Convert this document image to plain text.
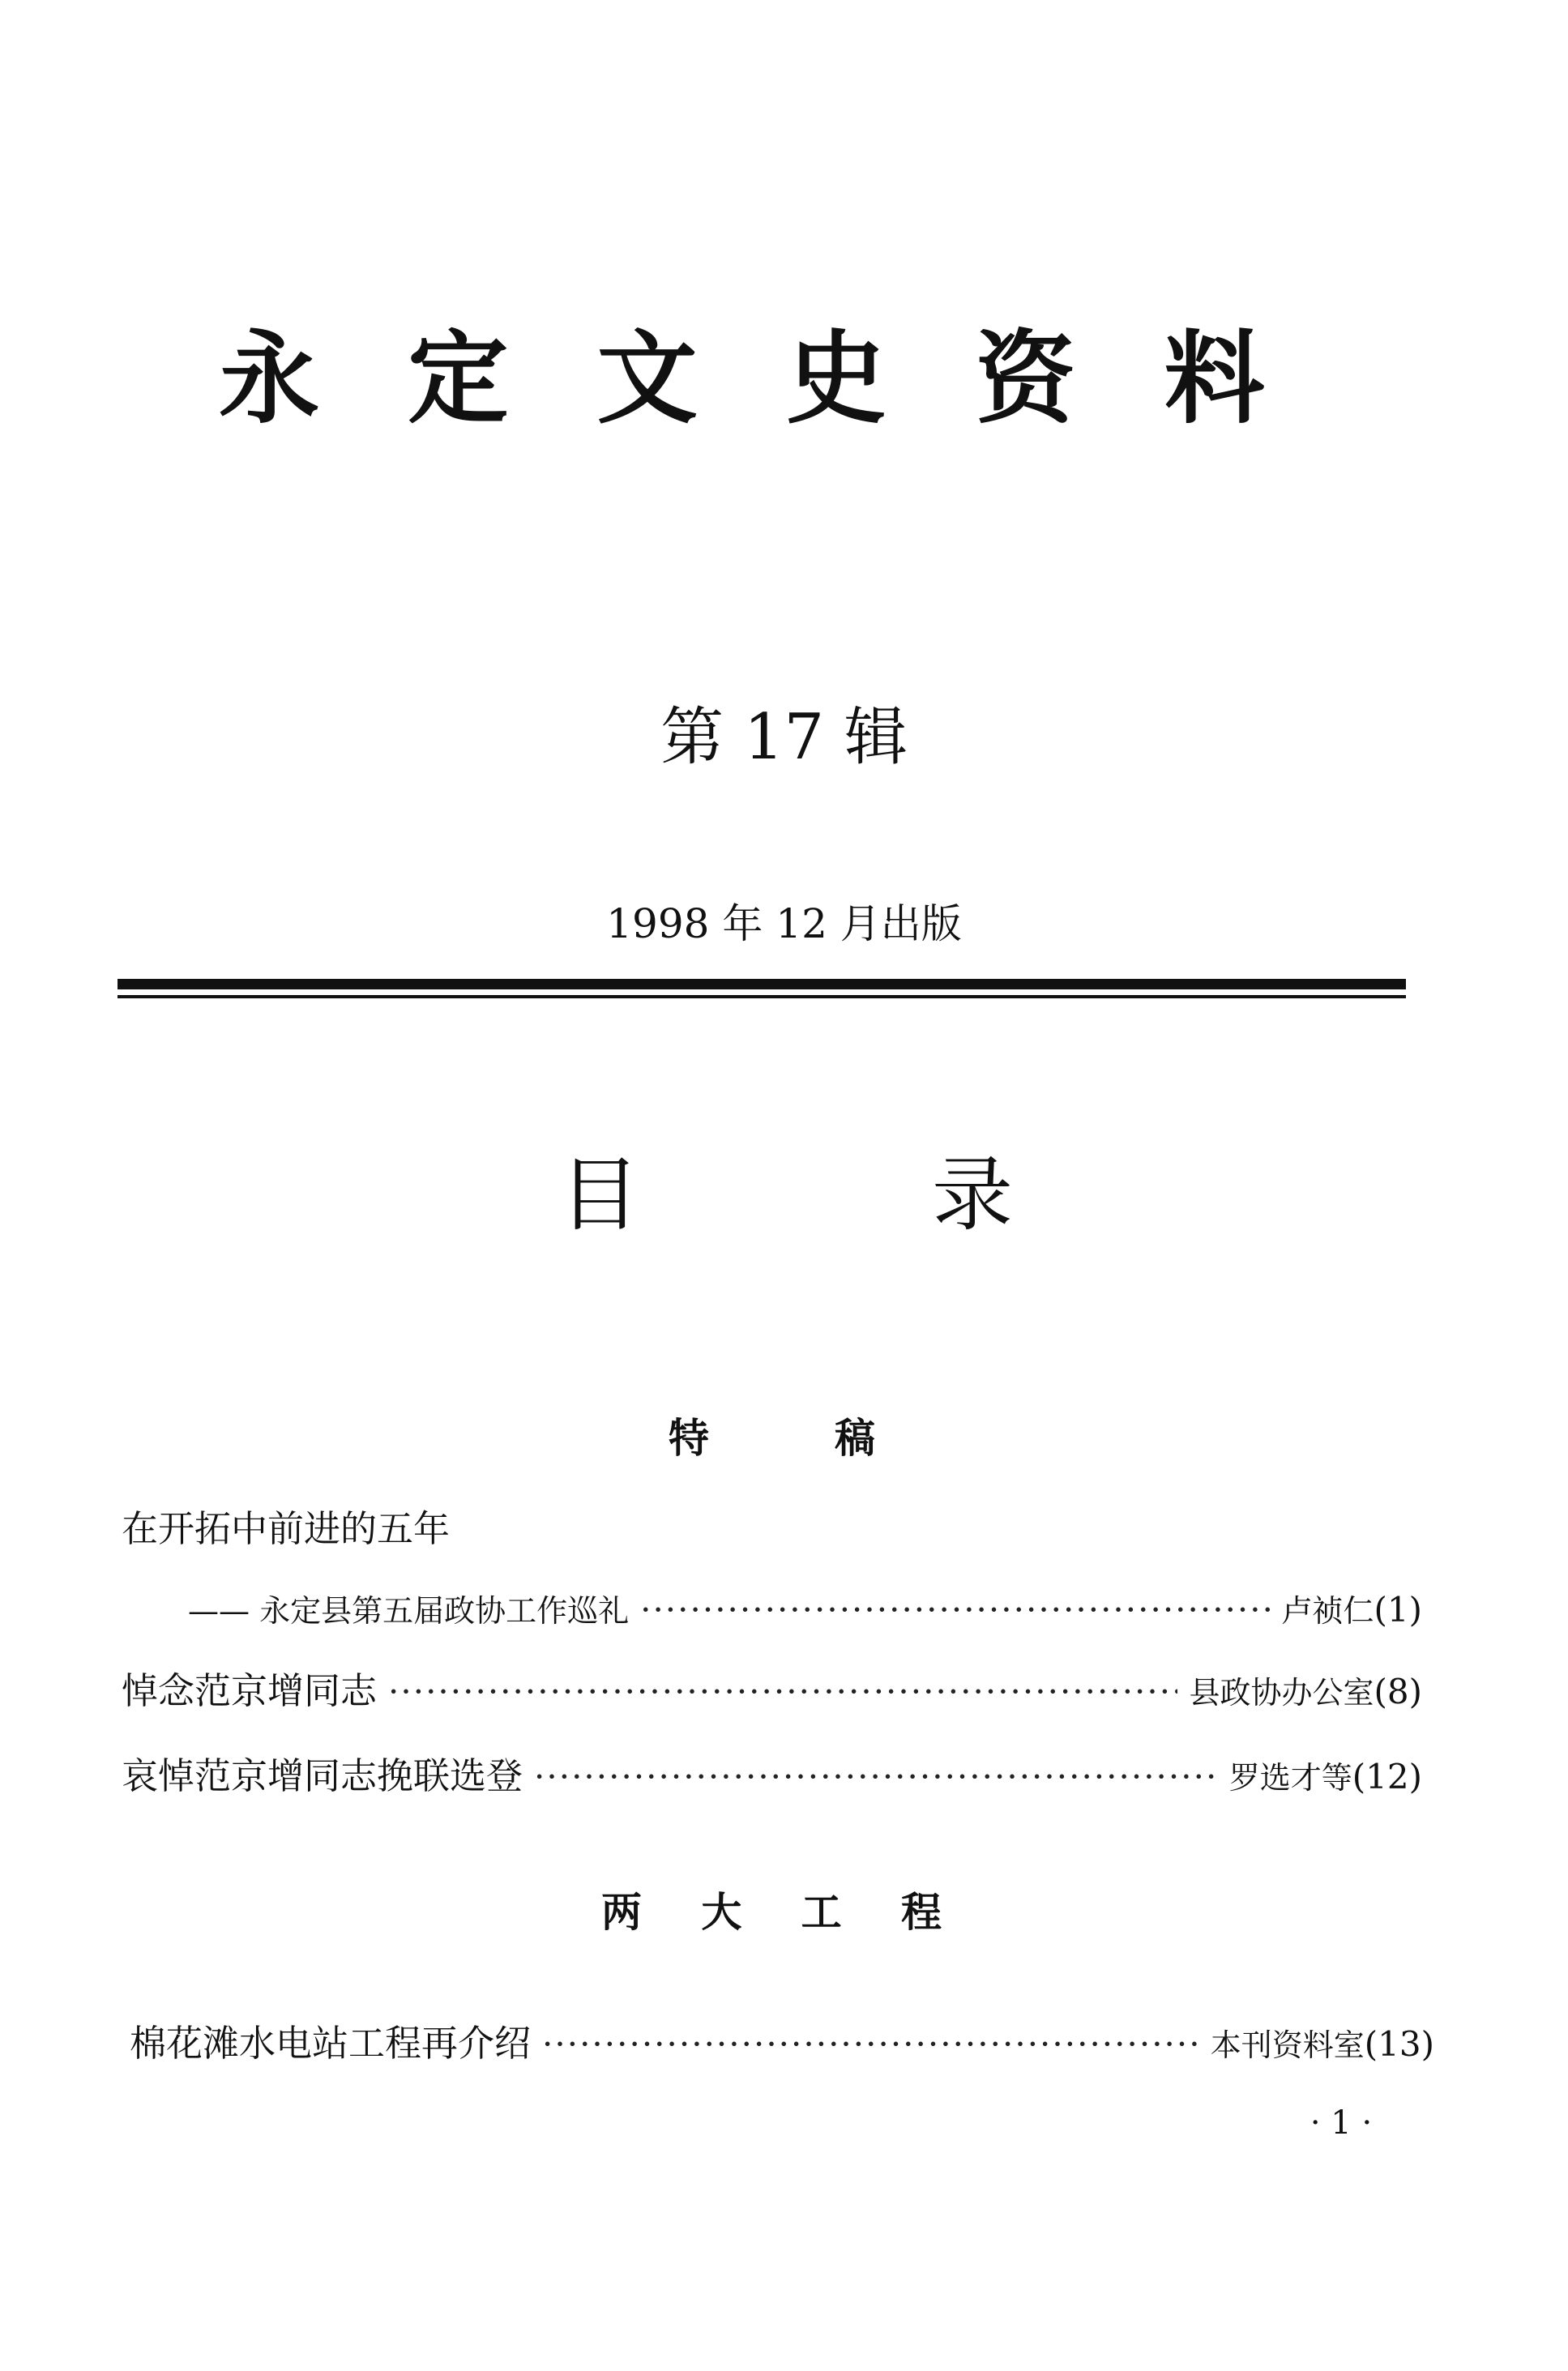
永 定 文 史 资 料
第 17 辑
1998 年 12 月出版
目	录
特	稿
在开拓中前进的五年
—— 永定县第五届政协工作巡礼 ·····	卢祯仁 (1)
悼念范京增同志 ·····	县政协办公室 (8)
哀悼范京增同志挽联选登 ·····	罗选才等 (12)
两 大 工 程
棉花滩水电站工程再介绍 ·····	本刊资料室 (13)
· 1 ·
